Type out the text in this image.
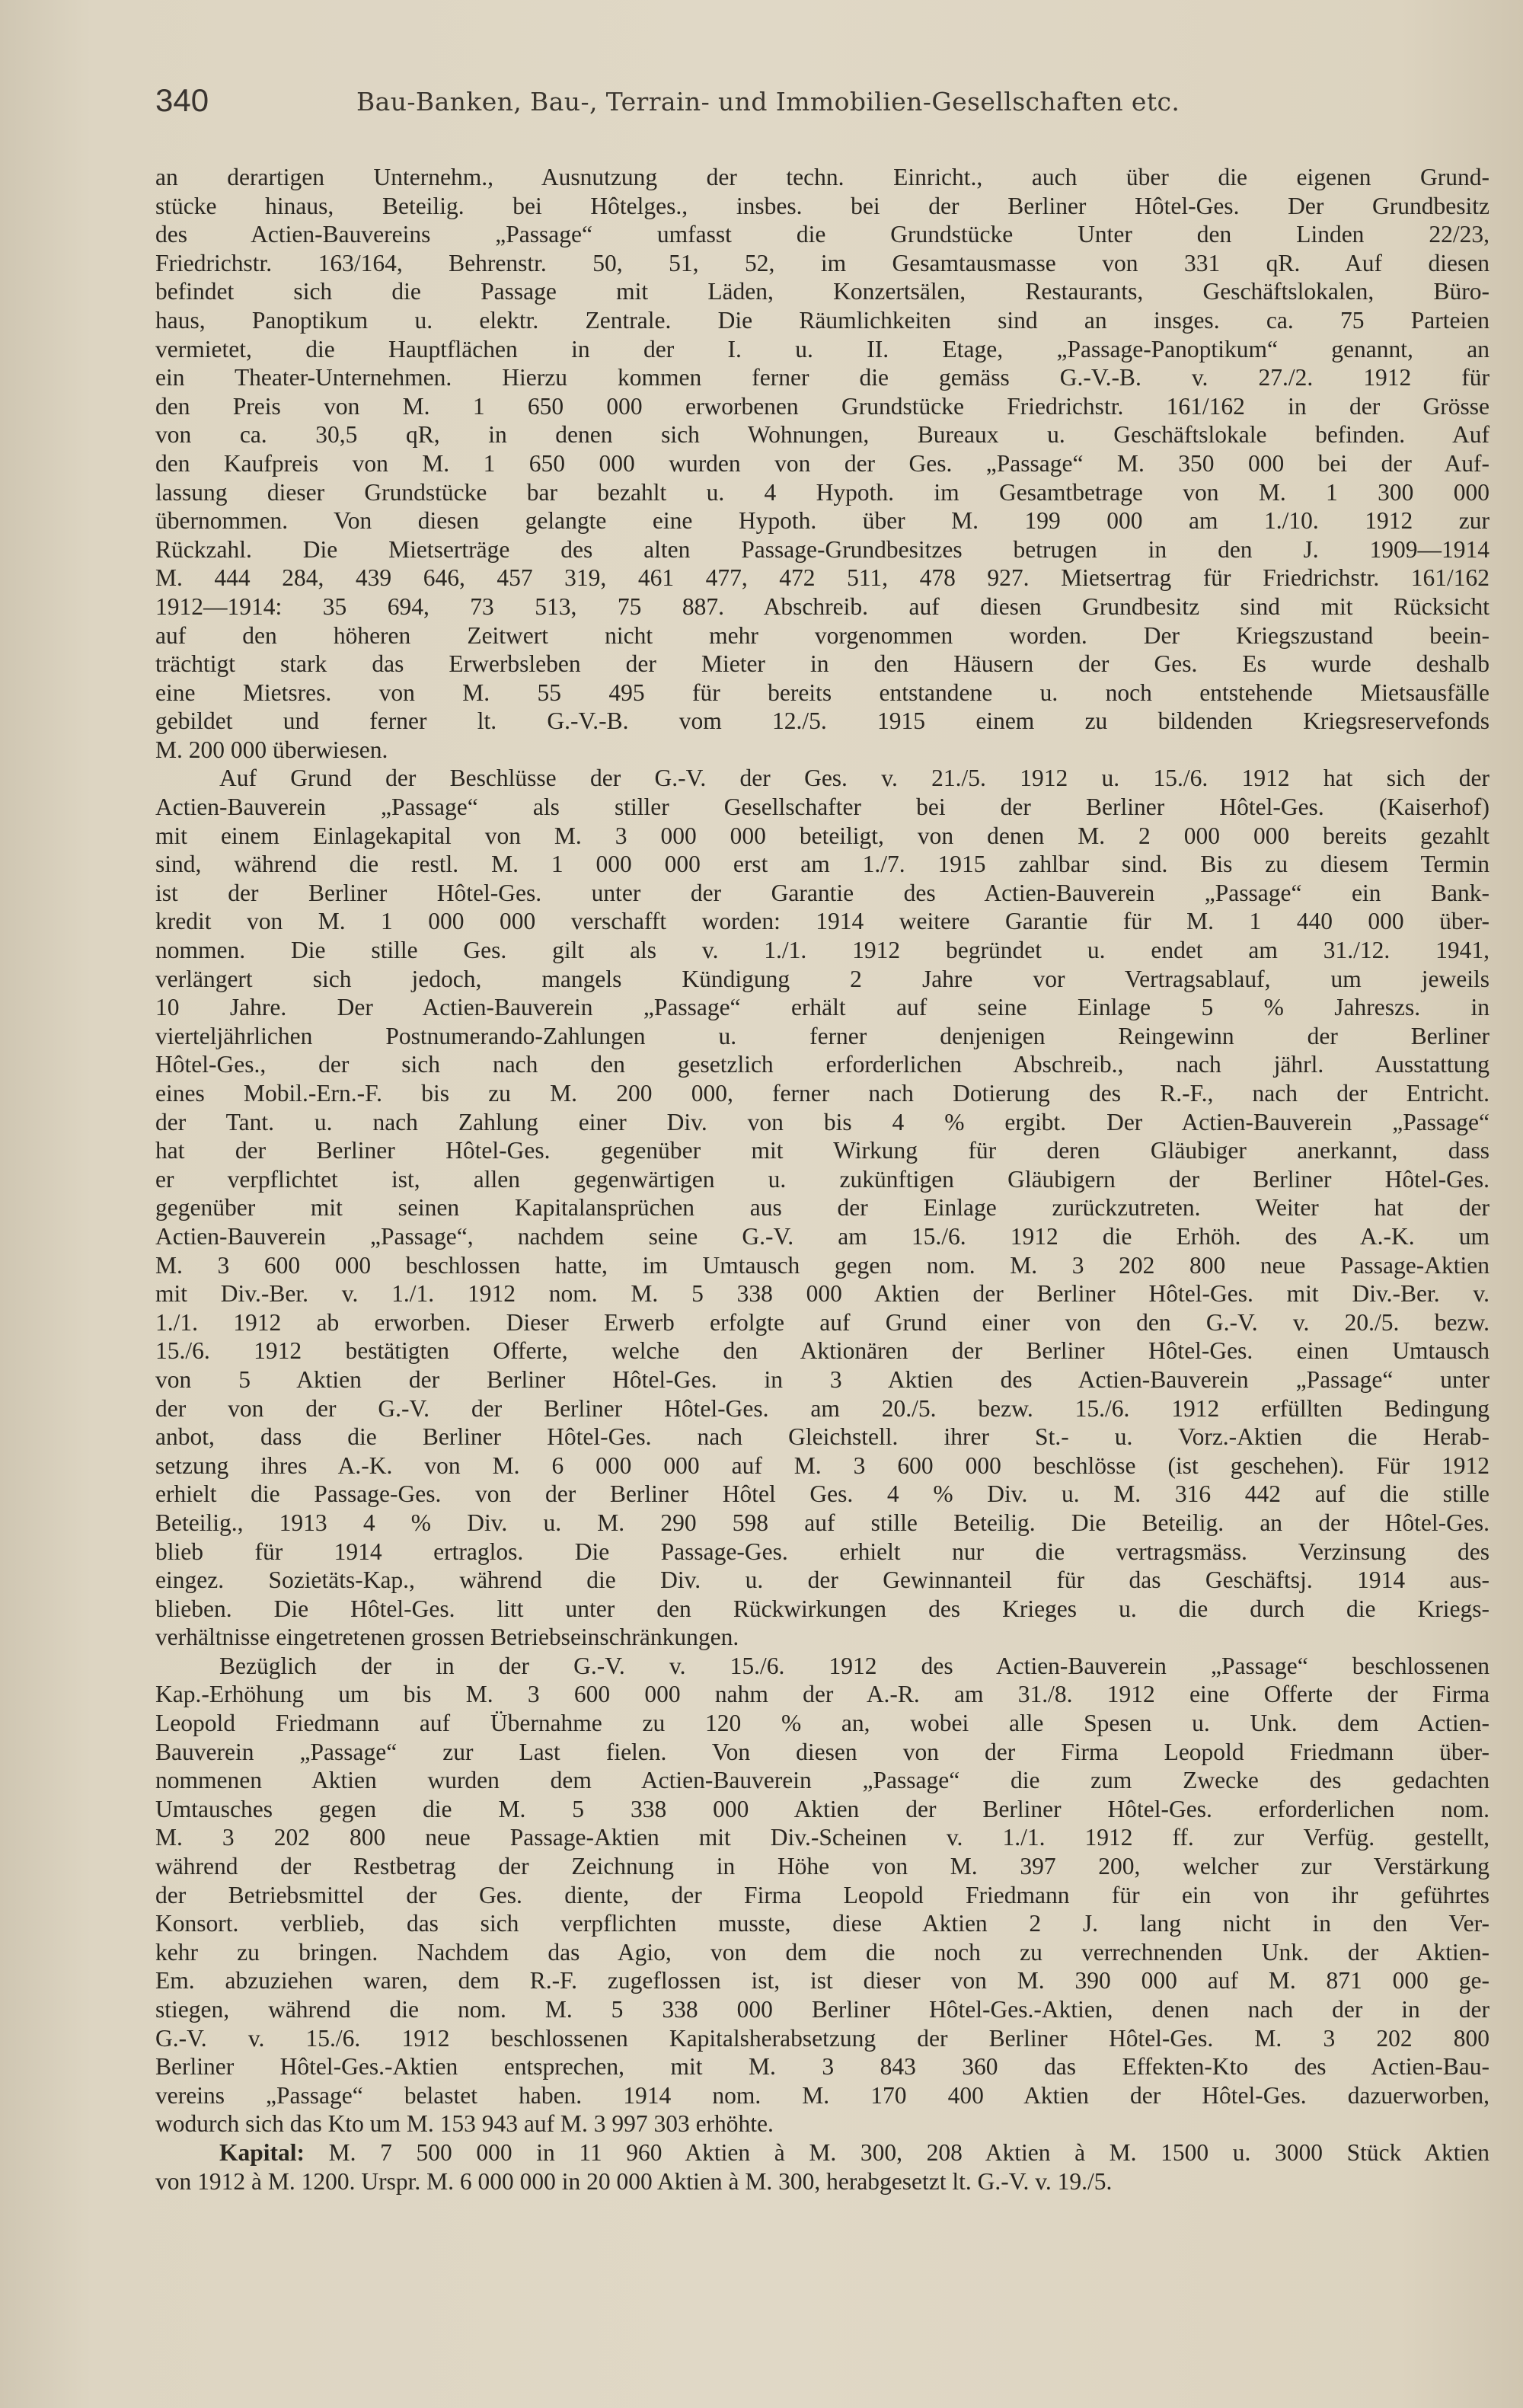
340	Bau-Banken, Bau-, Terrain- und Immobilien-Gesellschaften etc.
an derartigen Unternehm., Ausnutzung der techn. Einricht., auch über die eigenen Grund-
stücke hinaus, Beteilig. bei Hôtelges., insbes. bei der Berliner Hôtel-Ges. Der Grundbesitz
des Actien-Bauvereins „Passage“ umfasst die Grundstücke Unter den Linden 22/23,
Friedrichstr. 163/164, Behrenstr. 50, 51, 52, im Gesamtausmasse von 331 qR. Auf diesen
befindet sich die Passage mit Läden, Konzertsälen, Restaurants, Geschäftslokalen, Büro-
haus, Panoptikum u. elektr. Zentrale. Die Räumlichkeiten sind an insges. ca. 75 Parteien
vermietet, die Hauptflächen in der I. u. II. Etage, „Passage-Panoptikum“ genannt, an
ein Theater-Unternehmen. Hierzu kommen ferner die gemäss G.-V.-B. v. 27./2. 1912 für
den Preis von M. 1 650 000 erworbenen Grundstücke Friedrichstr. 161/162 in der Grösse
von ca. 30,5 qR, in denen sich Wohnungen, Bureaux u. Geschäftslokale befinden. Auf
den Kaufpreis von M. 1 650 000 wurden von der Ges. „Passage“ M. 350 000 bei der Auf-
lassung dieser Grundstücke bar bezahlt u. 4 Hypoth. im Gesamtbetrage von M. 1 300 000
übernommen. Von diesen gelangte eine Hypoth. über M. 199 000 am 1./10. 1912 zur
Rückzahl. Die Mietserträge des alten Passage-Grundbesitzes betrugen in den J. 1909—1914
M. 444 284, 439 646, 457 319, 461 477, 472 511, 478 927. Mietsertrag für Friedrichstr. 161/162
1912—1914: 35 694, 73 513, 75 887. Abschreib. auf diesen Grundbesitz sind mit Rücksicht
auf den höheren Zeitwert nicht mehr vorgenommen worden. Der Kriegszustand beein-
trächtigt stark das Erwerbsleben der Mieter in den Häusern der Ges. Es wurde deshalb
eine Mietsres. von M. 55 495 für bereits entstandene u. noch entstehende Mietsausfälle
gebildet und ferner lt. G.-V.-B. vom 12./5. 1915 einem zu bildenden Kriegsreservefonds
M. 200 000 überwiesen.
Auf Grund der Beschlüsse der G.-V. der Ges. v. 21./5. 1912 u. 15./6. 1912 hat sich der
Actien-Bauverein „Passage“ als stiller Gesellschafter bei der Berliner Hôtel-Ges. (Kaiserhof)
mit einem Einlagekapital von M. 3 000 000 beteiligt, von denen M. 2 000 000 bereits gezahlt
sind, während die restl. M. 1 000 000 erst am 1./7. 1915 zahlbar sind. Bis zu diesem Termin
ist der Berliner Hôtel-Ges. unter der Garantie des Actien-Bauverein „Passage“ ein Bank-
kredit von M. 1 000 000 verschafft worden: 1914 weitere Garantie für M. 1 440 000 über-
nommen. Die stille Ges. gilt als v. 1./1. 1912 begründet u. endet am 31./12. 1941,
verlängert sich jedoch, mangels Kündigung 2 Jahre vor Vertragsablauf, um jeweils
10 Jahre. Der Actien-Bauverein „Passage“ erhält auf seine Einlage 5 % Jahreszs. in
vierteljährlichen Postnumerando-Zahlungen u. ferner denjenigen Reingewinn der Berliner
Hôtel-Ges., der sich nach den gesetzlich erforderlichen Abschreib., nach jährl. Ausstattung
eines Mobil.-Ern.-F. bis zu M. 200 000, ferner nach Dotierung des R.-F., nach der Entricht.
der Tant. u. nach Zahlung einer Div. von bis 4 % ergibt. Der Actien-Bauverein „Passage“
hat der Berliner Hôtel-Ges. gegenüber mit Wirkung für deren Gläubiger anerkannt, dass
er verpflichtet ist, allen gegenwärtigen u. zukünftigen Gläubigern der Berliner Hôtel-Ges.
gegenüber mit seinen Kapitalansprüchen aus der Einlage zurückzutreten. Weiter hat der
Actien-Bauverein „Passage“, nachdem seine G.-V. am 15./6. 1912 die Erhöh. des A.-K. um
M. 3 600 000 beschlossen hatte, im Umtausch gegen nom. M. 3 202 800 neue Passage-Aktien
mit Div.-Ber. v. 1./1. 1912 nom. M. 5 338 000 Aktien der Berliner Hôtel-Ges. mit Div.-Ber. v.
1./1. 1912 ab erworben. Dieser Erwerb erfolgte auf Grund einer von den G.-V. v. 20./5. bezw.
15./6. 1912 bestätigten Offerte, welche den Aktionären der Berliner Hôtel-Ges. einen Umtausch
von 5 Aktien der Berliner Hôtel-Ges. in 3 Aktien des Actien-Bauverein „Passage“ unter
der von der G.-V. der Berliner Hôtel-Ges. am 20./5. bezw. 15./6. 1912 erfüllten Bedingung
anbot, dass die Berliner Hôtel-Ges. nach Gleichstell. ihrer St.- u. Vorz.-Aktien die Herab-
setzung ihres A.-K. von M. 6 000 000 auf M. 3 600 000 beschlösse (ist geschehen). Für 1912
erhielt die Passage-Ges. von der Berliner Hôtel Ges. 4 % Div. u. M. 316 442 auf die stille
Beteilig., 1913 4 % Div. u. M. 290 598 auf stille Beteilig. Die Beteilig. an der Hôtel-Ges.
blieb für 1914 ertraglos. Die Passage-Ges. erhielt nur die vertragsmäss. Verzinsung des
eingez. Sozietäts-Kap., während die Div. u. der Gewinnanteil für das Geschäftsj. 1914 aus-
blieben. Die Hôtel-Ges. litt unter den Rückwirkungen des Krieges u. die durch die Kriegs-
verhältnisse eingetretenen grossen Betriebseinschränkungen.
Bezüglich der in der G.-V. v. 15./6. 1912 des Actien-Bauverein „Passage“ beschlossenen
Kap.-Erhöhung um bis M. 3 600 000 nahm der A.-R. am 31./8. 1912 eine Offerte der Firma
Leopold Friedmann auf Übernahme zu 120 % an, wobei alle Spesen u. Unk. dem Actien-
Bauverein „Passage“ zur Last fielen. Von diesen von der Firma Leopold Friedmann über-
nommenen Aktien wurden dem Actien-Bauverein „Passage“ die zum Zwecke des gedachten
Umtausches gegen die M. 5 338 000 Aktien der Berliner Hôtel-Ges. erforderlichen nom.
M. 3 202 800 neue Passage-Aktien mit Div.-Scheinen v. 1./1. 1912 ff. zur Verfüg. gestellt,
während der Restbetrag der Zeichnung in Höhe von M. 397 200, welcher zur Verstärkung
der Betriebsmittel der Ges. diente, der Firma Leopold Friedmann für ein von ihr geführtes
Konsort. verblieb, das sich verpflichten musste, diese Aktien 2 J. lang nicht in den Ver-
kehr zu bringen. Nachdem das Agio, von dem die noch zu verrechnenden Unk. der Aktien-
Em. abzuziehen waren, dem R.-F. zugeflossen ist, ist dieser von M. 390 000 auf M. 871 000 ge-
stiegen, während die nom. M. 5 338 000 Berliner Hôtel-Ges.-Aktien, denen nach der in der
G.-V. v. 15./6. 1912 beschlossenen Kapitalsherabsetzung der Berliner Hôtel-Ges. M. 3 202 800
Berliner Hôtel-Ges.-Aktien entsprechen, mit M. 3 843 360 das Effekten-Kto des Actien-Bau-
vereins „Passage“ belastet haben. 1914 nom. M. 170 400 Aktien der Hôtel-Ges. dazuerworben,
wodurch sich das Kto um M. 153 943 auf M. 3 997 303 erhöhte.
Kapital: M. 7 500 000 in 11 960 Aktien à M. 300, 208 Aktien à M. 1500 u. 3000 Stück Aktien
von 1912 à M. 1200. Urspr. M. 6 000 000 in 20 000 Aktien à M. 300, herabgesetzt lt. G.-V. v. 19./5.
